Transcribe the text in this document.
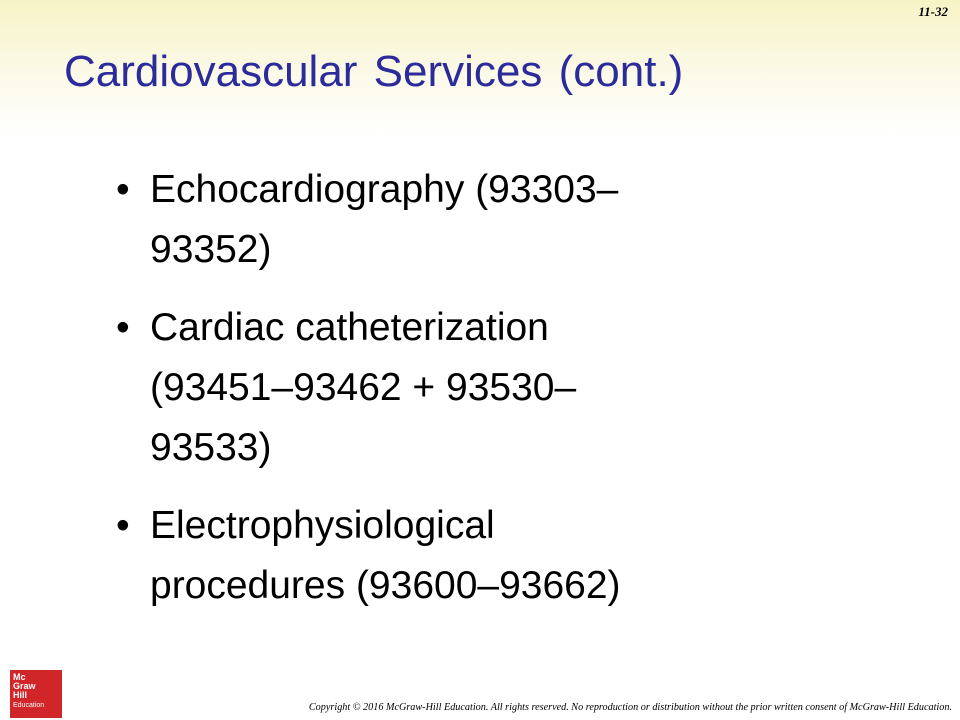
11-32
Cardiovascular Services (cont.)
• Echocardiography (93303–
93352)
• Cardiac catheterization
(93451–93462 + 93530–
93533)
• Electrophysiological
procedures (93600–93662)
Mc
Graw
Hill
Education	Copyright © 2016 McGraw-Hill Education. All rights reserved. No reproduction or distribution without the prior written consent of McGraw-Hill Education.
